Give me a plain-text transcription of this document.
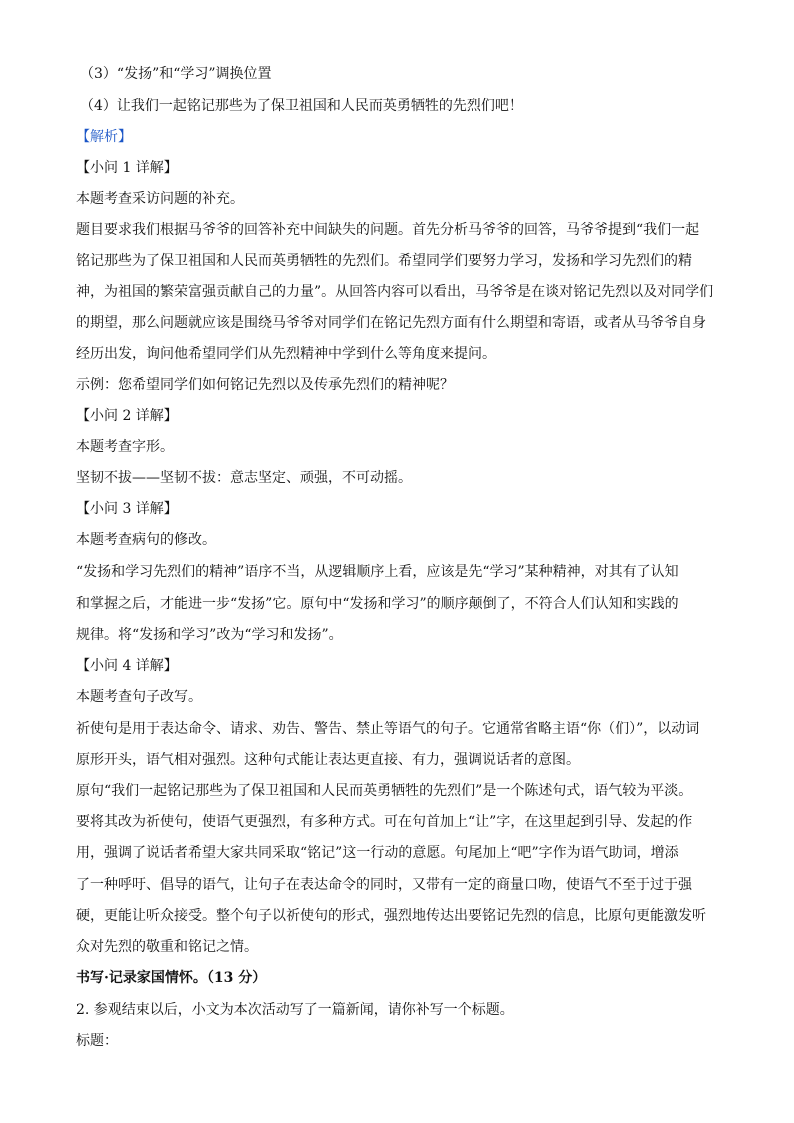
（3）“发扬”和“学习”调换位置
（4）让我们一起铭记那些为了保卫祖国和人民而英勇牺牲的先烈们吧！
【解析】
【小问 1 详解】
本题考查采访问题的补充。
题目要求我们根据马爷爷的回答补充中间缺失的问题。首先分析马爷爷的回答，马爷爷提到“我们一起
铭记那些为了保卫祖国和人民而英勇牺牲的先烈们。希望同学们要努力学习，发扬和学习先烈们的精
神，为祖国的繁荣富强贡献自己的力量”。从回答内容可以看出，马爷爷是在谈对铭记先烈以及对同学们
的期望，那么问题就应该是围绕马爷爷对同学们在铭记先烈方面有什么期望和寄语，或者从马爷爷自身
经历出发，询问他希望同学们从先烈精神中学到什么等角度来提问。
示例：您希望同学们如何铭记先烈以及传承先烈们的精神呢？
【小问 2 详解】
本题考查字形。
坚韧不拔——坚韧不拔：意志坚定、顽强，不可动摇。
【小问 3 详解】
本题考查病句的修改。
“发扬和学习先烈们的精神”语序不当，从逻辑顺序上看，应该是先“学习”某种精神，对其有了认知
和掌握之后，才能进一步“发扬”它。原句中“发扬和学习”的顺序颠倒了，不符合人们认知和实践的
规律。将“发扬和学习”改为“学习和发扬”。
【小问 4 详解】
本题考查句子改写。
祈使句是用于表达命令、请求、劝告、警告、禁止等语气的句子。它通常省略主语“你（们）”，以动词
原形开头，语气相对强烈。这种句式能让表达更直接、有力，强调说话者的意图。
原句“我们一起铭记那些为了保卫祖国和人民而英勇牺牲的先烈们”是一个陈述句式，语气较为平淡。
要将其改为祈使句，使语气更强烈，有多种方式。可在句首加上“让”字，在这里起到引导、发起的作
用，强调了说话者希望大家共同采取“铭记”这一行动的意愿。句尾加上“吧”字作为语气助词，增添
了一种呼吁、倡导的语气，让句子在表达命令的同时，又带有一定的商量口吻，使语气不至于过于强
硬，更能让听众接受。整个句子以祈使句的形式，强烈地传达出要铭记先烈的信息，比原句更能激发听
众对先烈的敬重和铭记之情。
书写·记录家国情怀。（13 分）
2. 参观结束以后，小文为本次活动写了一篇新闻，请你补写一个标题。
标题：
